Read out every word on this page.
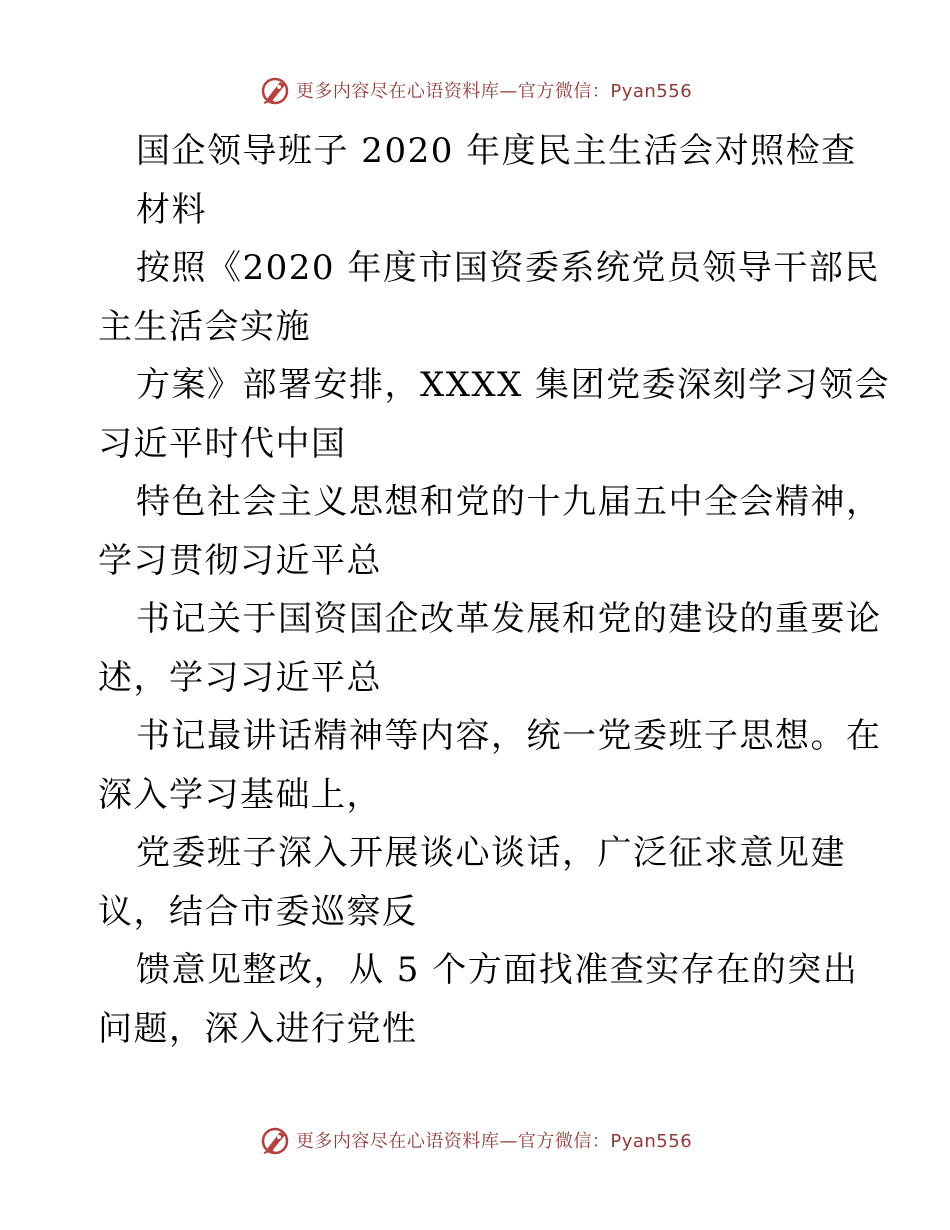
更多内容尽在心语资料库—官方微信：Pyan556
国企领导班子 2020 年度民主生活会对照检查
材料
按照《2020 年度市国资委系统党员领导干部民
主生活会实施
方案》部署安排，XXXX 集团党委深刻学习领会
习近平时代中国
特色社会主义思想和党的十九届五中全会精神，
学习贯彻习近平总
书记关于国资国企改革发展和党的建设的重要论
述，学习习近平总
书记最讲话精神等内容，统一党委班子思想。在
深入学习基础上，
党委班子深入开展谈心谈话，广泛征求意见建
议，结合市委巡察反
馈意见整改，从 5 个方面找准查实存在的突出
问题，深入进行党性
更多内容尽在心语资料库—官方微信：Pyan556
